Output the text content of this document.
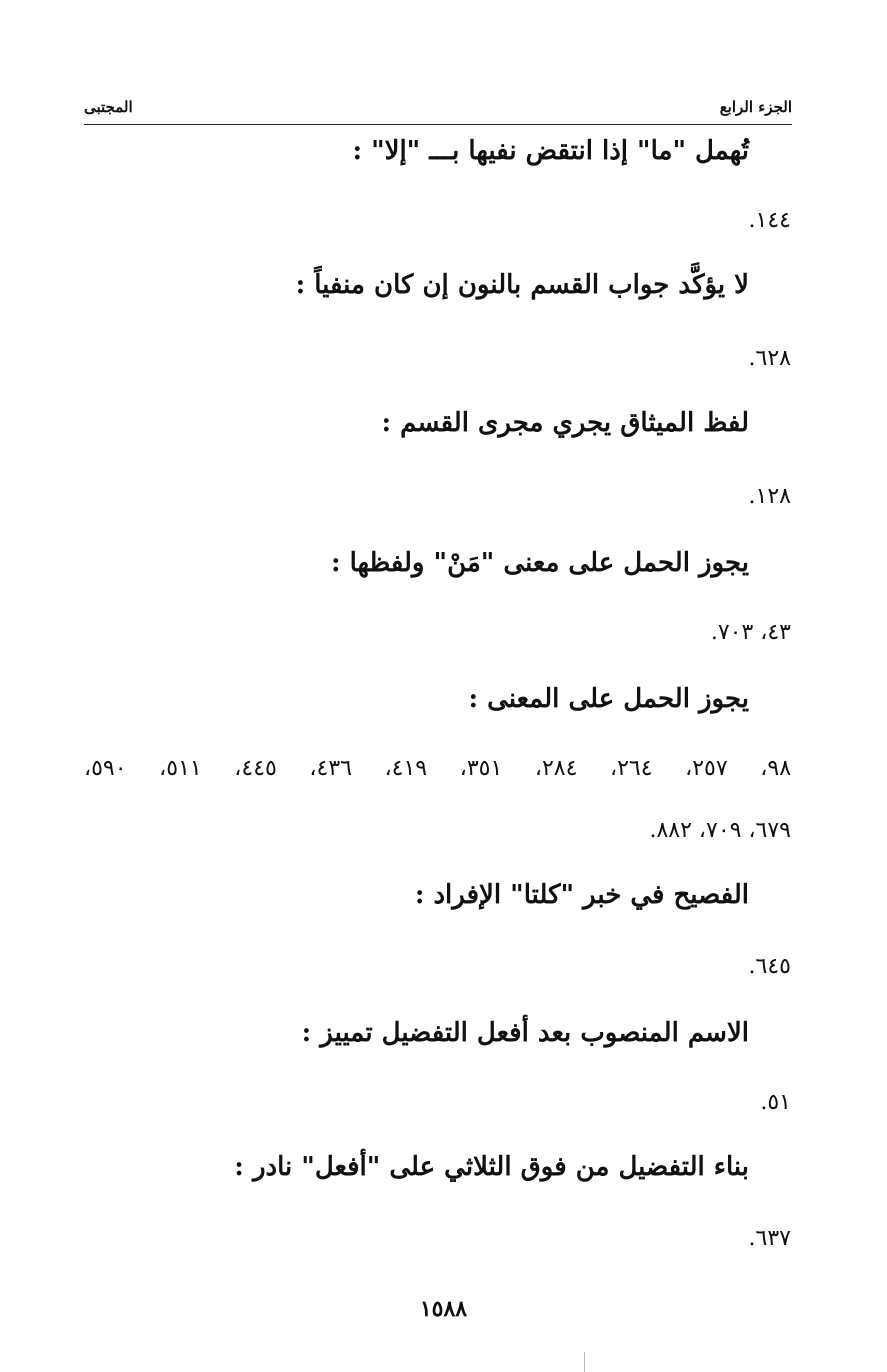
الجزء الرابع
المجتبى
تُهمل "ما" إذا انتقض نفيها بـــ "إلا" :
١٤٤.
لا يؤكَّد جواب القسم بالنون إن كان منفياً :
٦٢٨.
لفظ الميثاق يجري مجرى القسم :
١٢٨.
يجوز الحمل على معنى "مَنْ" ولفظها :
٤٣، ٧٠٣.
يجوز الحمل على المعنى :
٩٨، ٢٥٧، ٢٦٤، ٢٨٤، ٣٥١، ٤١٩، ٤٣٦، ٤٤٥، ٥١١، ٥٩٠،
٦٧٩، ٧٠٩، ٨٨٢.
الفصيح في خبر "كلتا" الإفراد :
٦٤٥.
الاسم المنصوب بعد أفعل التفضيل تمييز :
٥١.
بناء التفضيل من فوق الثلاثي على "أفعل" نادر :
٦٣٧.
١٥٨٨
